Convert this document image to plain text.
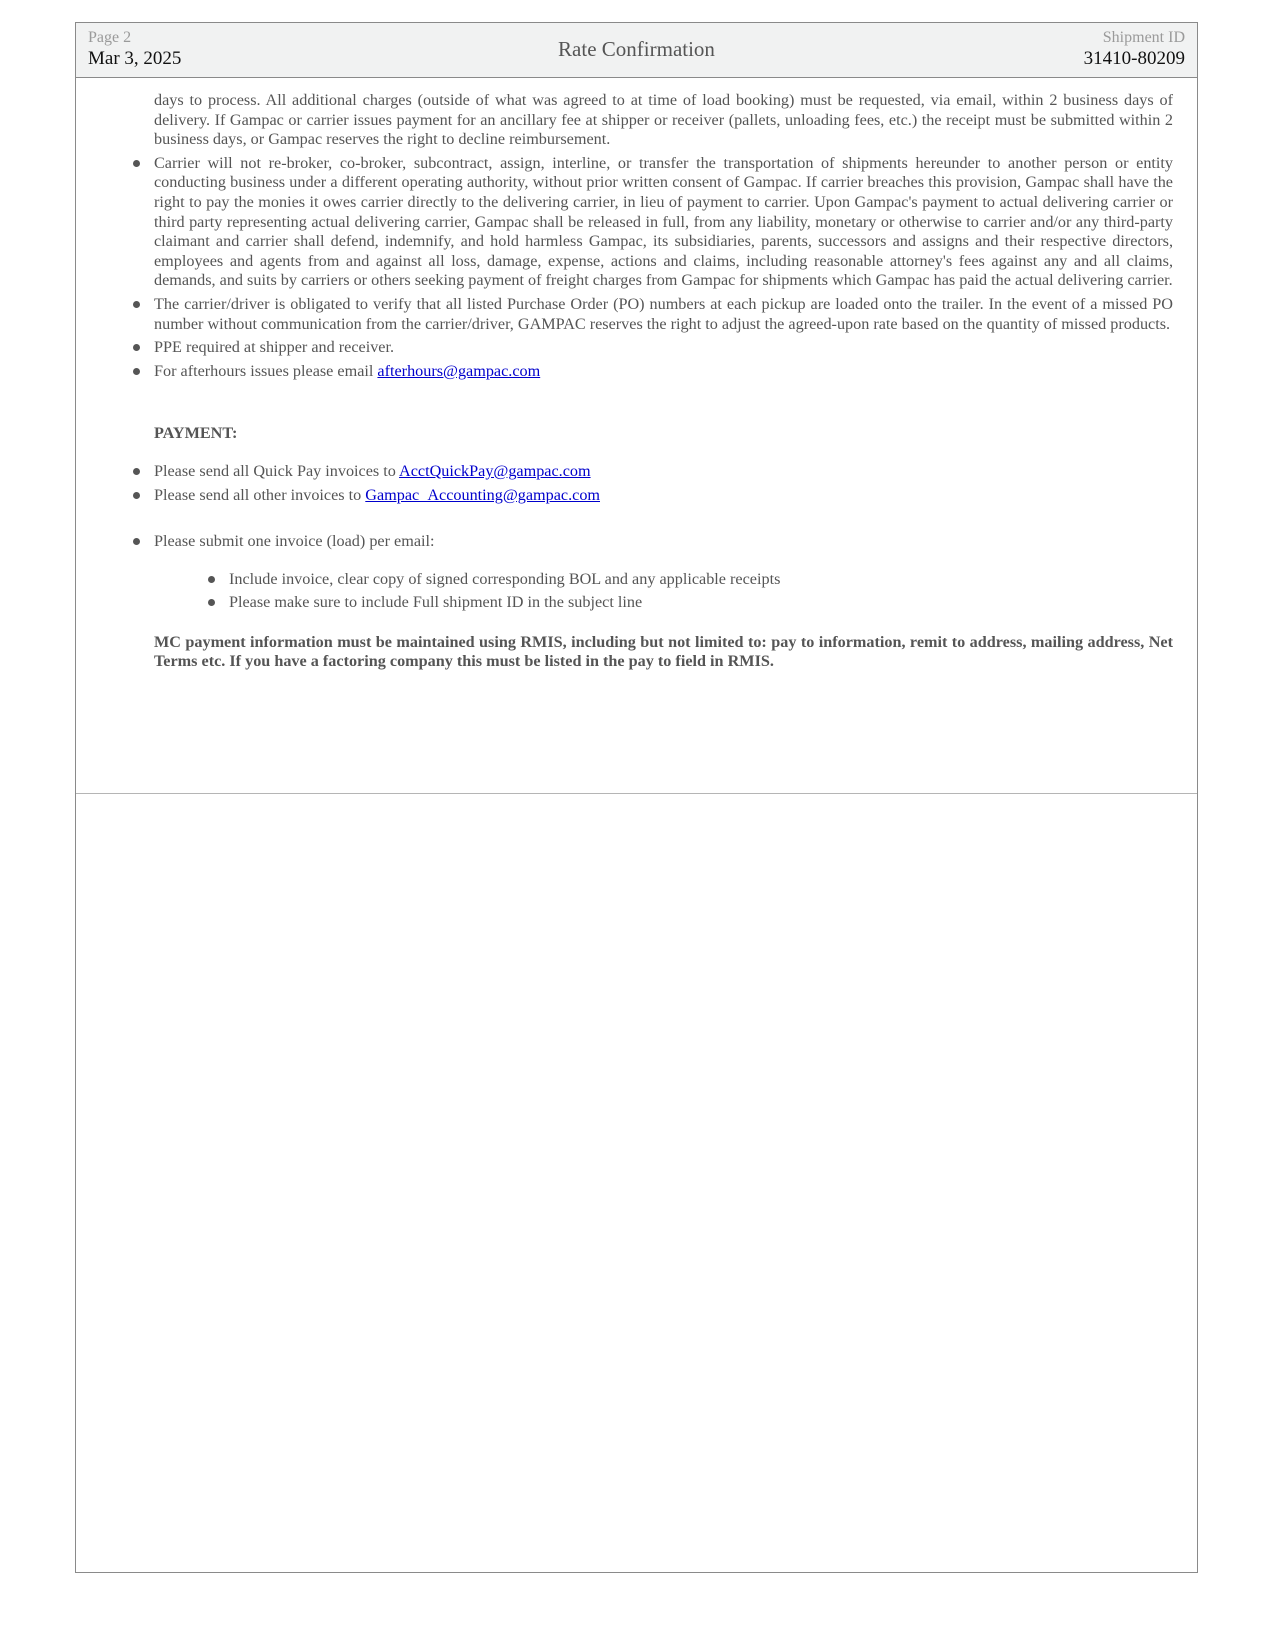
Page 2
Mar 3, 2025	Rate Confirmation	Shipment ID
31410-80209

days to process. All additional charges (outside of what was agreed to at time of load booking) must be requested, via email, within 2 business days of delivery. If Gampac or carrier issues payment for an ancillary fee at shipper or receiver (pallets, unloading fees, etc.) the receipt must be submitted within 2 business days, or Gampac reserves the right to decline reimbursement.

Carrier will not re-broker, co-broker, subcontract, assign, interline, or transfer the transportation of shipments hereunder to another person or entity conducting business under a different operating authority, without prior written consent of Gampac. If carrier breaches this provision, Gampac shall have the right to pay the monies it owes carrier directly to the delivering carrier, in lieu of payment to carrier. Upon Gampac's payment to actual delivering carrier or third party representing actual delivering carrier, Gampac shall be released in full, from any liability, monetary or otherwise to carrier and/or any third-party claimant and carrier shall defend, indemnify, and hold harmless Gampac, its subsidiaries, parents, successors and assigns and their respective directors, employees and agents from and against all loss, damage, expense, actions and claims, including reasonable attorney's fees against any and all claims, demands, and suits by carriers or others seeking payment of freight charges from Gampac for shipments which Gampac has paid the actual delivering carrier.
The carrier/driver is obligated to verify that all listed Purchase Order (PO) numbers at each pickup are loaded onto the trailer. In the event of a missed PO number without communication from the carrier/driver, GAMPAC reserves the right to adjust the agreed-upon rate based on the quantity of missed products.
PPE required at shipper and receiver.
For afterhours issues please email afterhours@gampac.com
PAYMENT:
Please send all Quick Pay invoices to AcctQuickPay@gampac.com
Please send all other invoices to Gampac_Accounting@gampac.com
Please submit one invoice (load) per email:
Include invoice, clear copy of signed corresponding BOL and any applicable receipts
Please make sure to include Full shipment ID in the subject line

MC payment information must be maintained using RMIS, including but not limited to: pay to information, remit to address, mailing address, Net Terms etc. If you have a factoring company this must be listed in the pay to field in RMIS.
